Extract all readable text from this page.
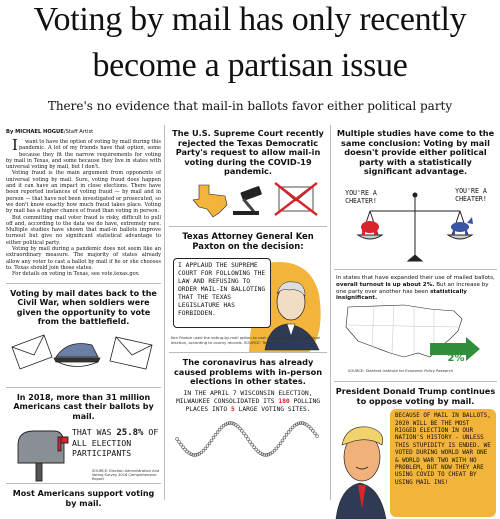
Voting by mail has only recently
become a partisan issue
There's no evidence that mail-in ballots favor either political party
By MICHAEL HOGUE/Staff Artist

Iwant to have the option of voting by mail during this pandemic. A lot of my friends have that option, some because they fit the narrow requirements for voting by mail in Texas, and some because they live in states with universal voting by mail, but I don't.

Voting fraud is the main argument from opponents of universal voting by mail. Sure, voting fraud does happen and it can have an impact in close elections. There have been reported instances of voting fraud — by mail and in person — that have not been investigated or prosecuted, so we don't know exactly how much fraud takes place. Voting by mail has a higher chance of fraud than voting in person.

But committing mail voter fraud is risky, difficult to pull off and, according to the data we do have, extremely rare. Multiple studies have shown that mail-in ballots improve turnout but give no significant statistical advantage to either political party.

Voting by mail during a pandemic does not seem like an extraordinary measure. The majority of states already allow any voter to cast a ballot by mail if he or she chooses to. Texas should join those states.

For details on voting in Texas, see vote.texas.gov.

Voting by mail dates back to the Civil War, when soldiers were given the opportunity to vote from the battlefield.
In 2018, more than 31 million Americans cast their ballots by mail.
THAT WAS 25.8% OF ALL ELECTION PARTICIPANTS
SOURCE: Election Administration And Voting Survey 2018 Comprehensive Report
Most Americans support voting by mail.
The U.S. Supreme Court recently rejected the Texas Democratic Party's request to allow mail-in voting during the COVID-19 pandemic.
Texas Attorney General Ken Paxton on the decision:
I APPLAUD THE SUPREME COURT FOR FOLLOWING THE LAW AND REFUSING TO ORDER MAIL-IN BALLOTING THAT THE TEXAS LEGISLATURE HAS FORBIDDEN.
Ken Paxton used the voting-by-mail option to cast a ballot in a 2011 municipal election, according to county records. SOURCE: Texas Tribune
The coronavirus has already caused problems with in-person elections in other states.
IN THE APRIL 7 WISCONSIN ELECTION, MILWAUKEE CONSOLIDATED ITS 180 POLLING PLACES INTO 5 LARGE VOTING SITES.
Multiple studies have come to the same conclusion: Voting by mail doesn't provide either political party with a statistically significant advantage.
YOU'RE A CHEATER!
YOU'RE A CHEATER!
In states that have expanded their use of mailed ballots, overall turnout is up about 2%. But an increase by one party over another has been statistically insignificant.
TURNOUT
2%
SOURCE: Stanford Institute for Economic Policy Research
President Donald Trump continues to oppose voting by mail.
BECAUSE OF MAIL IN BALLOTS, 2020 WILL BE THE MOST RIGGED ELECTION IN OUR NATION'S HISTORY - UNLESS THIS STUPIDITY IS ENDED. WE VOTED DURING WORLD WAR ONE & WORLD WAR TWO WITH NO PROBLEM, BUT NOW THEY ARE USING COVID TO CHEAT BY USING MAIL INS!
